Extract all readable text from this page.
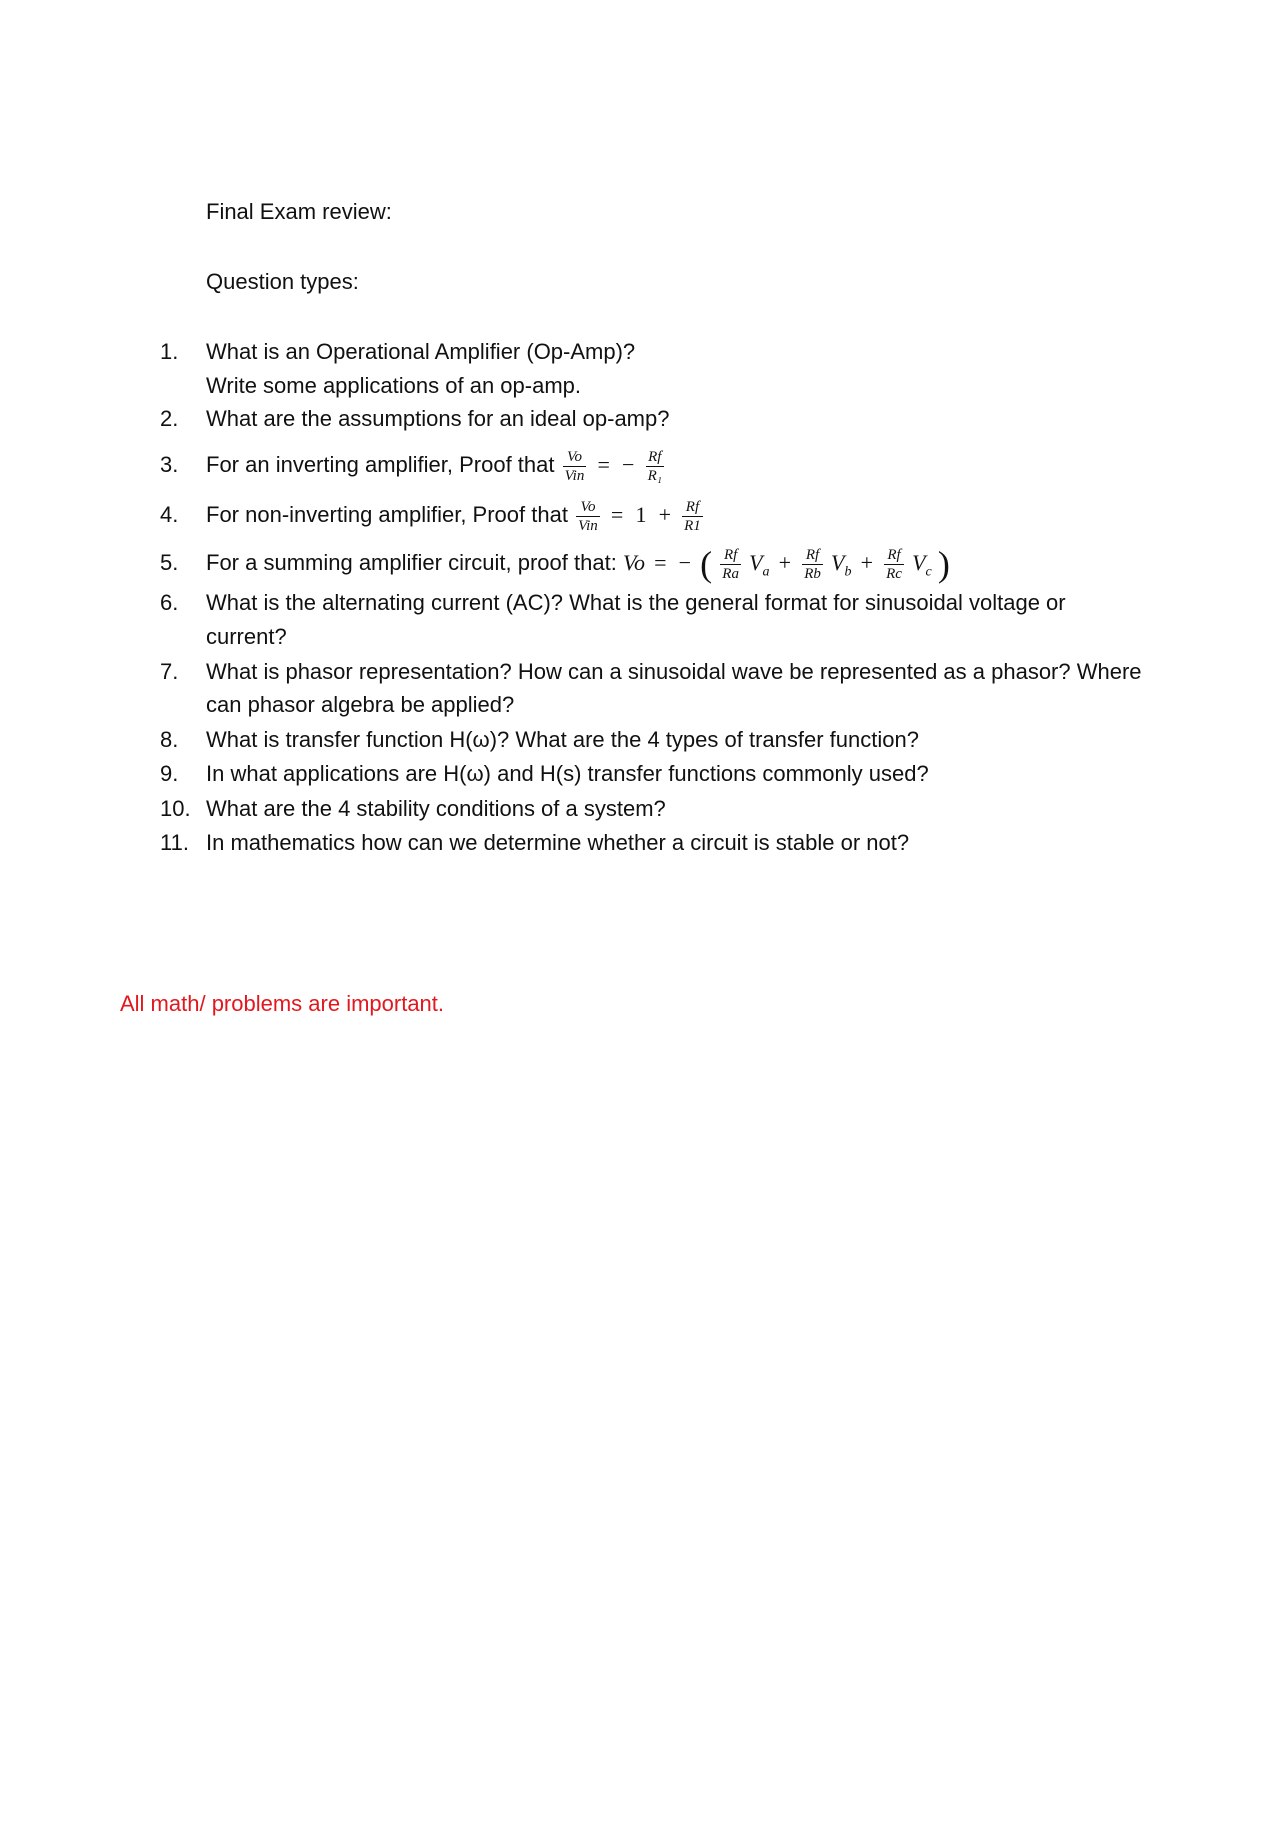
Final Exam review:

Question types:

1.	What is an Operational Amplifier (Op-Amp)?
Write some applications of an op-amp.
2.	What are the assumptions for an ideal op-amp?
3.	For an inverting amplifier, Proof that $\frac{Vo}{\text{Vin}}$ = − $\frac{Rf}{\text{R₁}}$
4.	For non-inverting amplifier, Proof that $\frac{Vo}{\text{Vin}} = 1 + \frac{Rf}{R1}$
5.	For a summing amplifier circuit, proof that: Vo = − ( $\frac{Rf}{Ra} V_a + \frac{Rf}{Rb} V_b + \frac{Rf}{Rc} V_c$ )
6.	What is the alternating current (AC)? What is the general format for sinusoidal voltage or
current?
7.	What is phasor representation? How can a sinusoidal wave be represented as a phasor? Where
can phasor algebra be applied?
8.	What is transfer function H(ω)? What are the 4 types of transfer function?
9.	In what applications are H(ω) and H(s) transfer functions commonly used?
10. What are the 4 stability conditions of a system?
11. In mathematics how can we determine whether a circuit is stable or not?

All math/ problems are important.
